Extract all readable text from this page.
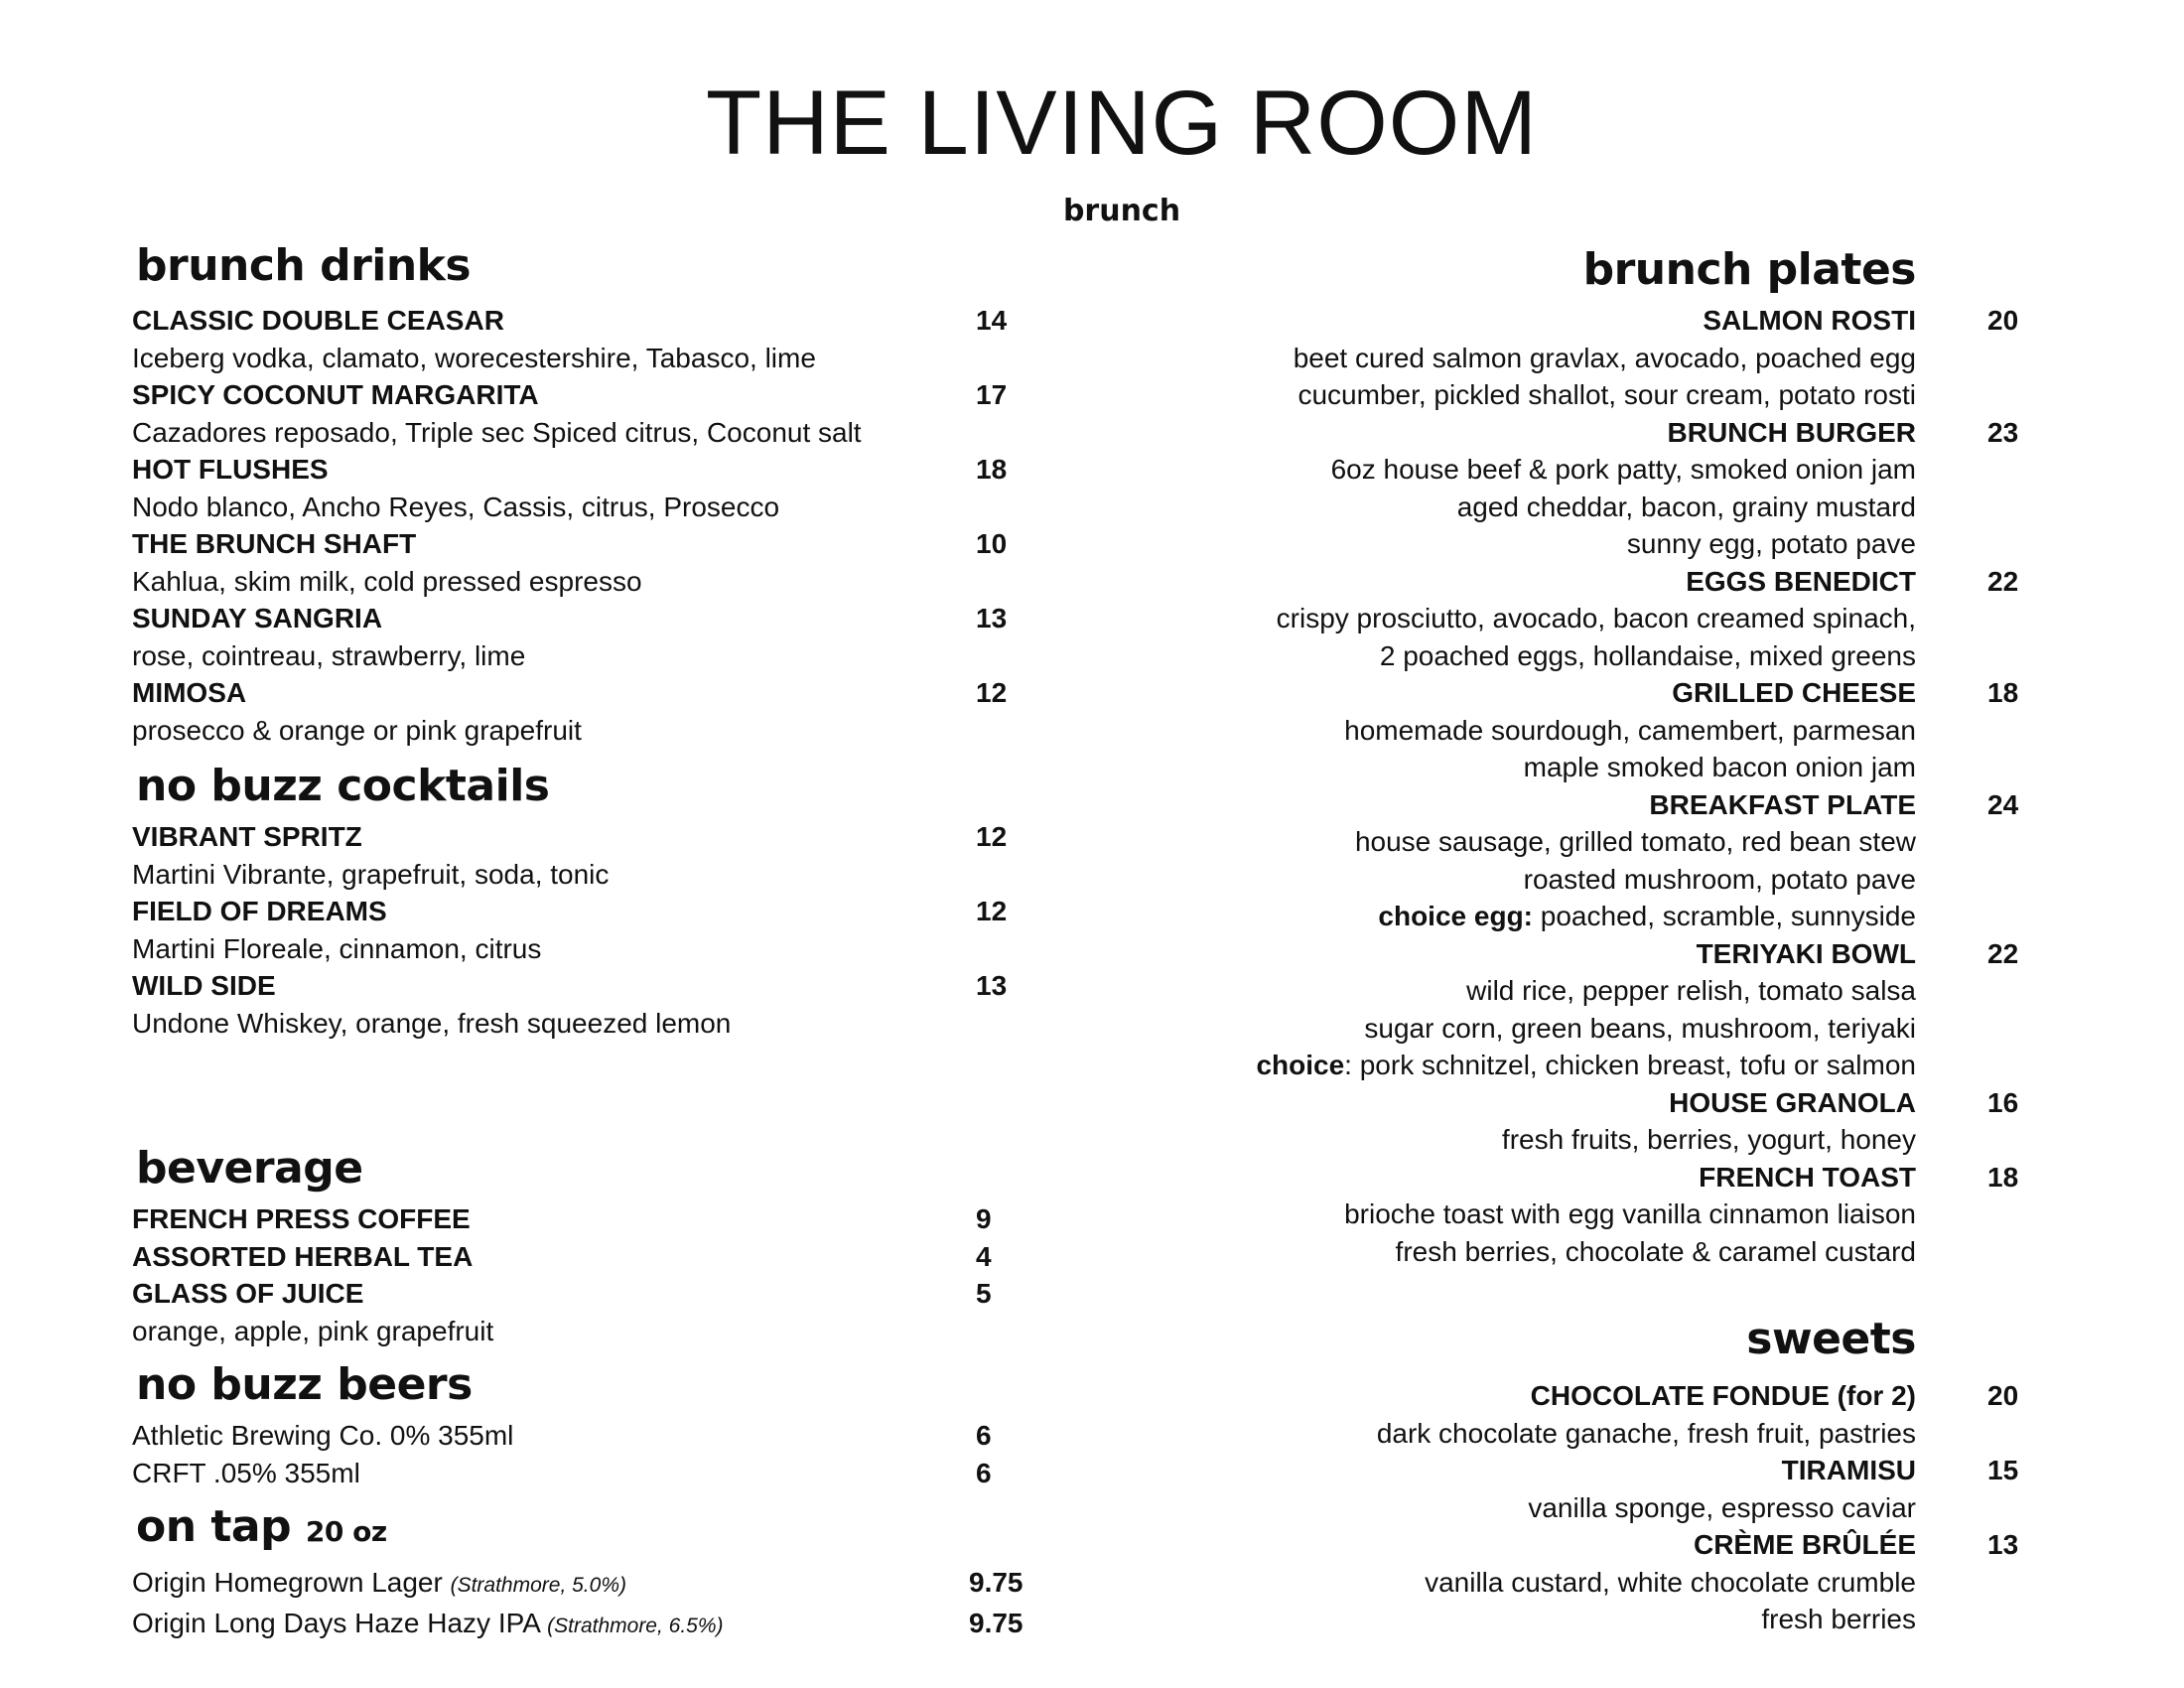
THE LIVING ROOM
brunch
brunch drinks
CLASSIC DOUBLE CEASAR	14
Iceberg vodka, clamato, worecestershire, Tabasco, lime
SPICY COCONUT MARGARITA	17
Cazadores reposado, Triple sec Spiced citrus, Coconut salt
HOT FLUSHES	18
Nodo blanco, Ancho Reyes, Cassis, citrus, Prosecco
THE BRUNCH SHAFT	10
Kahlua, skim milk, cold pressed espresso
SUNDAY SANGRIA	13
rose, cointreau, strawberry, lime
MIMOSA	12
prosecco & orange or pink grapefruit
no buzz cocktails
VIBRANT SPRITZ	12
Martini Vibrante, grapefruit, soda, tonic
FIELD OF DREAMS	12
Martini Floreale, cinnamon, citrus
WILD SIDE	13
Undone Whiskey, orange, fresh squeezed lemon
beverage
FRENCH PRESS COFFEE	9
ASSORTED HERBAL TEA	4
GLASS OF JUICE	5
orange, apple, pink grapefruit
no buzz beers
Athletic Brewing Co. 0% 355ml	6
CRFT .05% 355ml	6
on tap 20 oz
Origin Homegrown Lager (Strathmore, 5.0%)	9.75
Origin Long Days Haze Hazy IPA (Strathmore, 6.5%)	9.75
brunch plates
SALMON ROSTI	20
beet cured salmon gravlax, avocado, poached egg
cucumber, pickled shallot, sour cream, potato rosti
BRUNCH BURGER	23
6oz house beef & pork patty, smoked onion jam
aged cheddar, bacon, grainy mustard
sunny egg, potato pave
EGGS BENEDICT	22
crispy prosciutto, avocado, bacon creamed spinach,
2 poached eggs, hollandaise, mixed greens
GRILLED CHEESE	18
homemade sourdough, camembert, parmesan
maple smoked bacon onion jam
BREAKFAST PLATE	24
house sausage, grilled tomato, red bean stew
roasted mushroom, potato pave
choice egg: poached, scramble, sunnyside
TERIYAKI BOWL	22
wild rice, pepper relish, tomato salsa
sugar corn, green beans, mushroom, teriyaki
choice: pork schnitzel, chicken breast, tofu or salmon
HOUSE GRANOLA	16
fresh fruits, berries, yogurt, honey
FRENCH TOAST	18
brioche toast with egg vanilla cinnamon liaison
fresh berries, chocolate & caramel custard
sweets
CHOCOLATE FONDUE (for 2)	20
dark chocolate ganache, fresh fruit, pastries
TIRAMISU	15
vanilla sponge, espresso caviar
CRÈME BRÛLÉE	13
vanilla custard, white chocolate crumble
fresh berries
